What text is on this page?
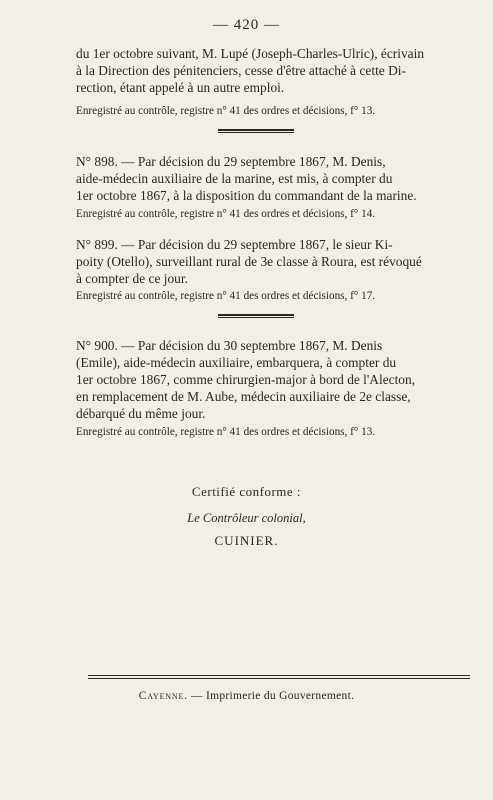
— 420 —
du 1er octobre suivant, M. Lupé (Joseph-Charles-Ulric), écrivain
à la Direction des pénitenciers, cesse d'être attaché à cette Di-
rection, étant appelé à un autre emploi.
Enregistré au contrôle, registre n° 41 des ordres et décisions, f° 13.
N° 898. — Par décision du 29 septembre 1867, M. Denis,
aide-médecin auxiliaire de la marine, est mis, à compter du
1er octobre 1867, à la disposition du commandant de la marine.
Enregistré au contrôle, registre n° 41 des ordres et décisions, f° 14.
N° 899. — Par décision du 29 septembre 1867, le sieur Ki-
poity (Otello), surveillant rural de 3e classe à Roura, est révoqué
à compter de ce jour.
Enregistré au contrôle, registre n° 41 des ordres et décisions, f° 17.
N° 900. — Par décision du 30 septembre 1867, M. Denis
(Emile), aide-médecin auxiliaire, embarquera, à compter du
1er octobre 1867, comme chirurgien-major à bord de l'Alecton,
en remplacement de M. Aube, médecin auxiliaire de 2e classe,
débarqué du même jour.
Enregistré au contrôle, registre n° 41 des ordres et décisions, f° 13.
Certifié conforme :
Le Contrôleur colonial,
CUINIER.
Cayenne. — Imprimerie du Gouvernement.
